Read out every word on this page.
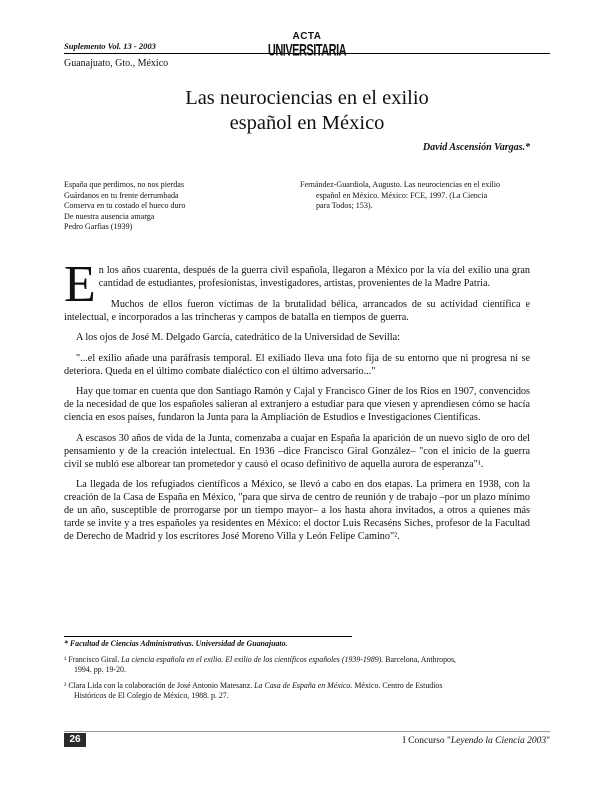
Suplemento Vol. 13 - 2003
Guanajuato, Gto., México
ACTA
UNIVERSITARIA
Las neurociencias en el exilio
español en México
David Ascensión Vargas.*
España que perdimos, no nos pierdas
Guárdanos en tu frente derrumbada
Conserva en tu costado el hueco duro
De nuestra ausencia amarga
Pedro Garfias (1939)
Fernández-Guardiola, Augusto. Las neurociencias en el exilio
español en México. México: FCE, 1997. (La Ciencia
para Todos; 153).

En los años cuarenta, después de la guerra civil española, llegaron a México por la vía del exilio una gran cantidad de estudiantes, profesionistas, investigadores, artistas, provenientes de la Madre Patria.

Muchos de ellos fueron víctimas de la brutalidad bélica, arrancados de su actividad científica e intelectual, e incorporados a las trincheras y campos de batalla en tiempos de guerra.

A los ojos de José M. Delgado García, catedrático de la Universidad de Sevilla:

"...el exilio añade una paráfrasis temporal. El exiliado lleva una foto fija de su entorno que ni progresa ni se deteriora. Queda en el último combate dialéctico con el último adversario..."

Hay que tomar en cuenta que don Santiago Ramón y Cajal y Francisco Giner de los Ríos en 1907, convencidos de la necesidad de que los españoles salieran al extranjero a estudiar para que viesen y aprendiesen cómo se hacía ciencia en esos países, fundaron la Junta para la Ampliación de Estudios e Investigaciones Científicas.

A escasos 30 años de vida de la Junta, comenzaba a cuajar en España la aparición de un nuevo siglo de oro del pensamiento y de la creación intelectual. En 1936 –dice Francisco Giral González– "con el inicio de la guerra civil se nubló ese alborear tan prometedor y causó el ocaso definitivo de aquella aurora de esperanza"¹.

La llegada de los refugiados científicos a México, se llevó a cabo en dos etapas. La primera en 1938, con la creación de la Casa de España en México, "para que sirva de centro de reunión y de trabajo –por un plazo mínimo de un año, susceptible de prorrogarse por un tiempo mayor– a los hasta ahora invitados, a otros a quienes más tarde se invite y a tres españoles ya residentes en México: el doctor Luis Recaséns Siches, profesor de la Facultad de Derecho de Madrid y los escritores José Moreno Villa y León Felipe Camino"².

* Facultad de Ciencias Administrativas. Universidad de Guanajuato.
¹ Francisco Giral. La ciencia española en el exilio. El exilio de los científicos españoles (1939-1989). Barcelona, Anthropos,
1994. pp. 19-20.
² Clara Lida con la colaboración de José Antonio Matesanz. La Casa de España en México. México. Centro de Estudios
Históricos de El Colegio de México, 1988. p. 27.
26	I Concurso "Leyendo la Ciencia 2003"
